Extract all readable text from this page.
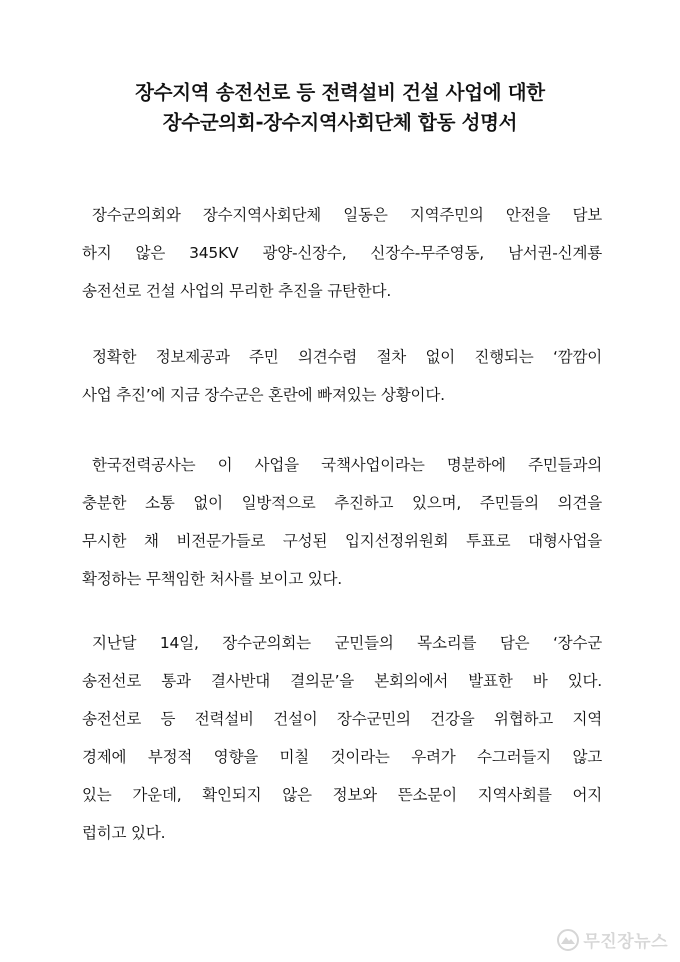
장수지역 송전선로 등 전력설비 건설 사업에 대한
장수군의회-장수지역사회단체 합동 성명서
장수군의회와 장수지역사회단체 일동은 지역주민의 안전을 담보
하지 않은 345KV 광양-신장수, 신장수-무주영동, 남서권-신계룡
송전선로 건설 사업의 무리한 추진을 규탄한다.
정확한 정보제공과 주민 의견수렴 절차 없이 진행되는 ‘깜깜이
사업 추진’에 지금 장수군은 혼란에 빠져있는 상황이다.
한국전력공사는 이 사업을 국책사업이라는 명분하에 주민들과의
충분한 소통 없이 일방적으로 추진하고 있으며, 주민들의 의견을
무시한 채 비전문가들로 구성된 입지선정위원회 투표로 대형사업을
확정하는 무책임한 처사를 보이고 있다.
지난달 14일, 장수군의회는 군민들의 목소리를 담은 ‘장수군
송전선로 통과 결사반대 결의문’을 본회의에서 발표한 바 있다.
송전선로 등 전력설비 건설이 장수군민의 건강을 위협하고 지역
경제에 부정적 영향을 미칠 것이라는 우려가 수그러들지 않고
있는 가운데, 확인되지 않은 정보와 뜬소문이 지역사회를 어지
럽히고 있다.
무진장뉴스
